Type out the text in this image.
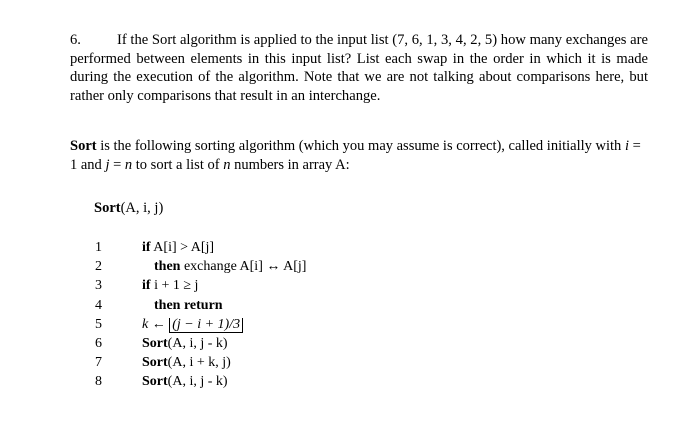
6. If the Sort algorithm is applied to the input list (7, 6, 1, 3, 4, 2, 5) how many exchanges are performed between elements in this input list? List each swap in the order in which it is made during the execution of the algorithm. Note that we are not talking about comparisons here, but rather only comparisons that result in an interchange.
Sort is the following sorting algorithm (which you may assume is correct), called initially with i = 1 and j = n to sort a list of n numbers in array A:
Sort(A, i, j)
1	if A[i] > A[j]
2	then exchange A[i] ↔ A[j]
3	if i + 1 ≥ j
4	then return
5	k ← (j − i + 1)/3
6	Sort(A, i, j - k)
7	Sort(A, i + k, j)
8	Sort(A, i, j - k)
